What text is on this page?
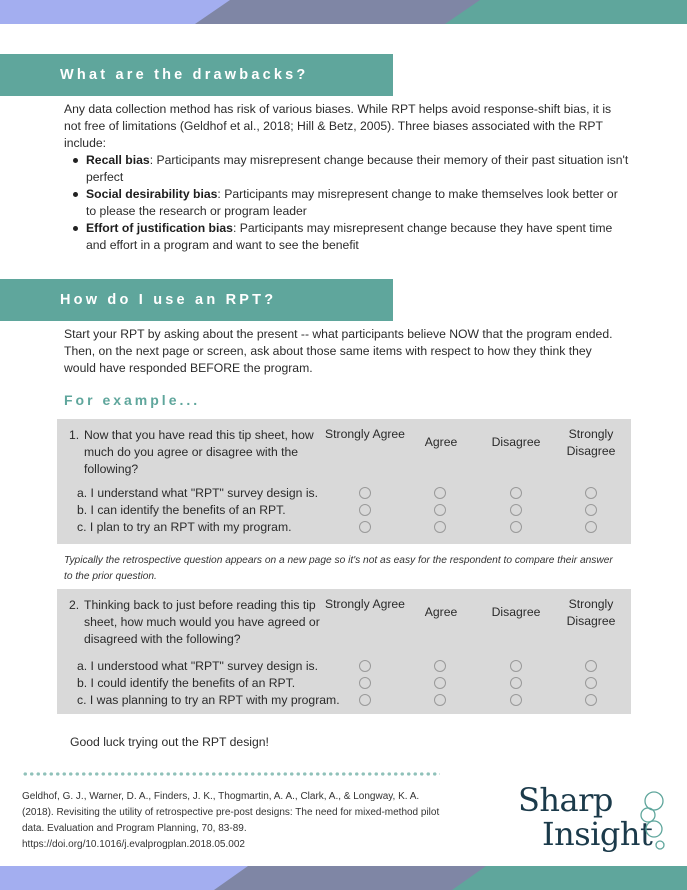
What are the drawbacks?

Any data collection method has risk of various biases. While RPT helps avoid response-shift bias, it is not free of limitations (Geldhof et al., 2018; Hill & Betz, 2005). Three biases associated with the RPT include:

Recall bias: Participants may misrepresent change because their memory of their past situation isn't perfect
Social desirability bias: Participants may misrepresent change to make themselves look better or to please the research or program leader
Effort of justification bias: Participants may misrepresent change because they have spent time and effort in a program and want to see the benefit
How do I use an RPT?

Start your RPT by asking about the present -- what participants believe NOW that the program ended. Then, on the next page or screen, ask about those same items with respect to how they think they would have responded BEFORE the program.

For example...
1. Now that you have read this tip sheet, how much do you agree or disagree with the following?
Strongly Agree
Agree	Disagree
Strongly Disagree
a. I understand what "RPT" survey design is.
b. I can identify the benefits of an RPT.
c. I plan to try an RPT with my program.
Typically the retrospective question appears on a new page so it's not as easy for the respondent to compare their answer to the prior question.
2. Thinking back to just before reading this tip sheet, how much would you have agreed or disagreed with the following?
Strongly Agree
Agree	Disagree
Strongly Disagree
a. I understood what "RPT" survey design is.
b. I could identify the benefits of an RPT.
c. I was planning to try an RPT with my program.
Good luck trying out the RPT design!
Geldhof, G. J., Warner, D. A., Finders, J. K., Thogmartin, A. A., Clark, A., & Longway, K. A. (2018). Revisiting the utility of retrospective pre-post designs: The need for mixed-method pilot data. Evaluation and Program Planning, 70, 83-89. https://doi.org/10.1016/j.evalprogplan.2018.05.002
Sharp
Insight
